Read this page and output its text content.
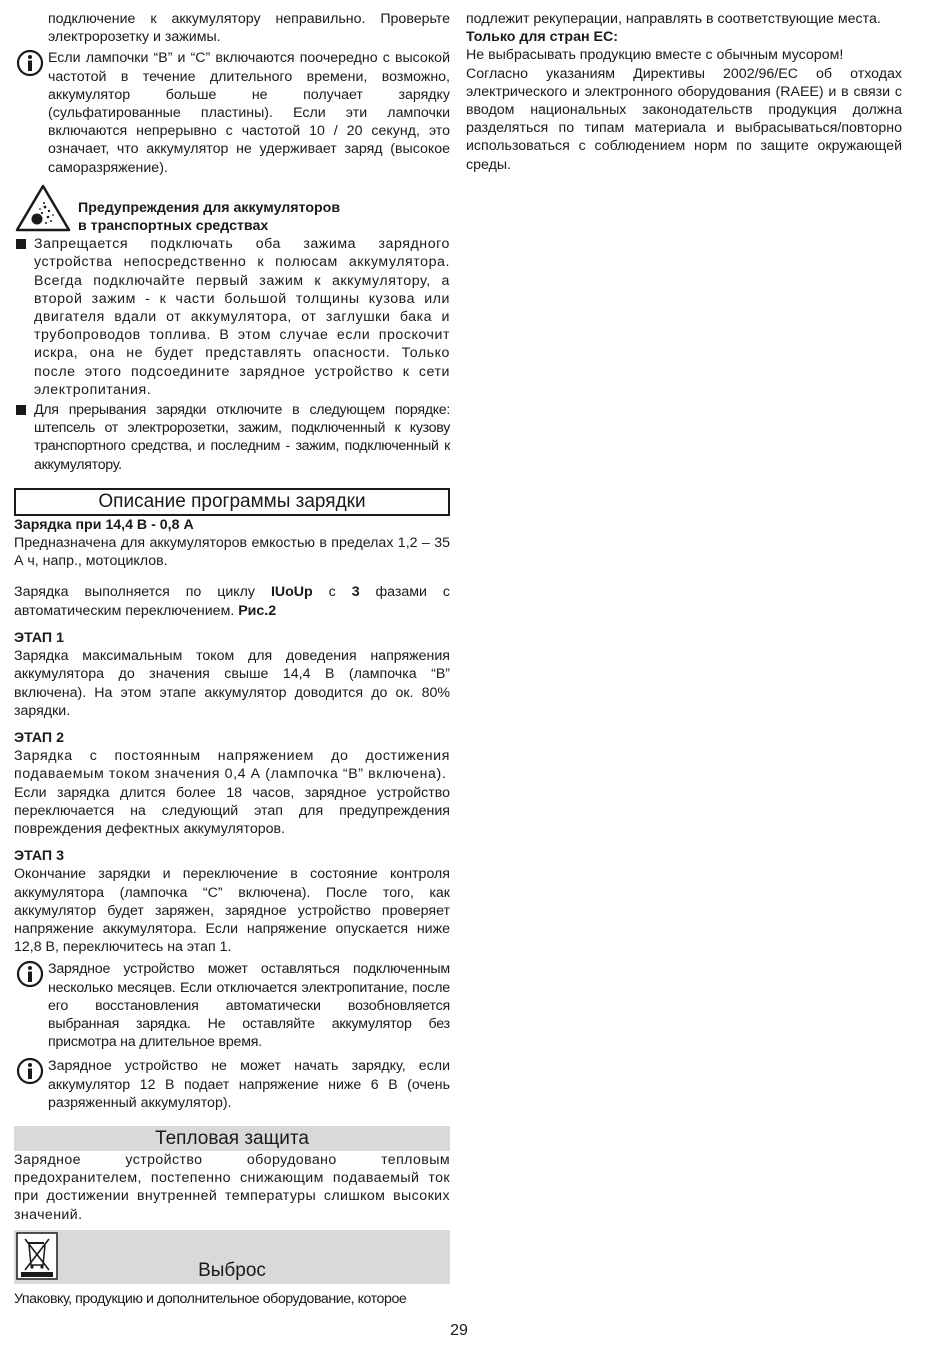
подключение к аккумулятору неправильно. Проверьте электророзетку и зажимы.

Если лампочки “B” и “C” включаются поочередно с высокой частотой в течение длительного времени, возможно, аккумулятор больше не получает зарядку (сульфатированные пластины). Если эти лампочки включаются непрерывно с частотой 10 / 20 секунд, это означает, что аккумулятор не удерживает заряд (высокое саморазряжение).

Предупреждения для аккумуляторов
в транспортных средствах

Запрещается подключать оба зажима зарядного устройства непосредственно к полюсам аккумулятора. Всегда подключайте первый зажим к аккумулятору, а второй зажим - к части большой толщины кузова или двигателя вдали от аккумулятора, от заглушки бака и трубопроводов топлива. В этом случае если проскочит искра, она не будет представлять опасности. Только после этого подсоедините зарядное устройство к сети электропитания.

Для прерывания зарядки отключите в следующем порядке: штепсель от электророзетки, зажим, подключенный к кузову транспортного средства, и последним - зажим, подключенный к аккумулятору.

Описание программы зарядки

Зарядка при 14,4 В - 0,8 А

Предназначена для аккумуляторов емкостью в пределах 1,2 – 35 А ч, напр., мотоциклов.

Зарядка выполняется по циклу IUoUp с 3 фазами с автоматическим переключением. Рис.2

ЭТАП 1

Зарядка максимальным током для доведения напряжения аккумулятора до значения свыше 14,4 В (лампочка “B” включена). На этом этапе аккумулятор доводится до ок. 80% зарядки.

ЭТАП 2

Зарядка с постоянным напряжением до достижения подаваемым током значения 0,4 А (лампочка “B” включена).

Если зарядка длится более 18 часов, зарядное устройство переключается на следующий этап для предупреждения повреждения дефектных аккумуляторов.

ЭТАП 3

Окончание зарядки и переключение в состояние контроля аккумулятора (лампочка “C” включена). После того, как аккумулятор будет заряжен, зарядное устройство проверяет напряжение аккумулятора. Если напряжение опускается ниже 12,8 В, переключитесь на этап 1.

Зарядное устройство может оставляться подключенным несколько месяцев. Если отключается электропитание, после его восстановления автоматически возобновляется выбранная зарядка. Не оставляйте аккумулятор без присмотра на длительное время.

Зарядное устройство не может начать зарядку, если аккумулятор 12 В подает напряжение ниже 6 В (очень разряженный аккумулятор).

Тепловая защита

Зарядное устройство оборудовано тепловым предохранителем, постепенно снижающим подаваемый ток при достижении внутренней температуры слишком высоких значений.

Выброс

Упаковку, продукцию и дополнительное оборудование, которое

подлежит рекуперации, направлять в соответствующие места.

Только для стран ЕС:

Не выбрасывать продукцию вместе с обычным мусором!

Согласно указаниям Директивы 2002/96/EC об отходах электрического и электронного оборудования (RAEE) и в связи с вводом национальных законодательств продукция должна разделяться по типам материала и выбрасываться/повторно использоваться с соблюдением норм по защите окружающей среды.

29
